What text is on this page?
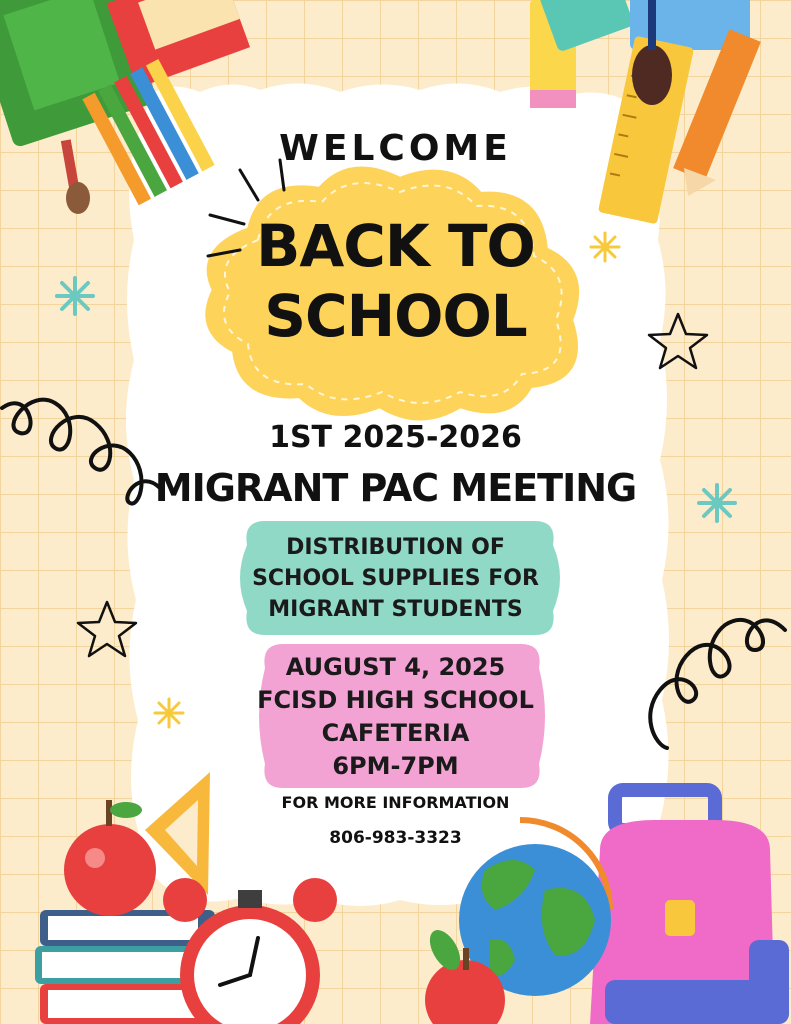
WELCOME
BACK TO
SCHOOL
1ST 2025-2026
MIGRANT PAC MEETING
DISTRIBUTION OF
SCHOOL SUPPLIES FOR
MIGRANT STUDENTS
AUGUST 4, 2025
FCISD HIGH SCHOOL
CAFETERIA
6PM-7PM
FOR MORE INFORMATION
806-983-3323
